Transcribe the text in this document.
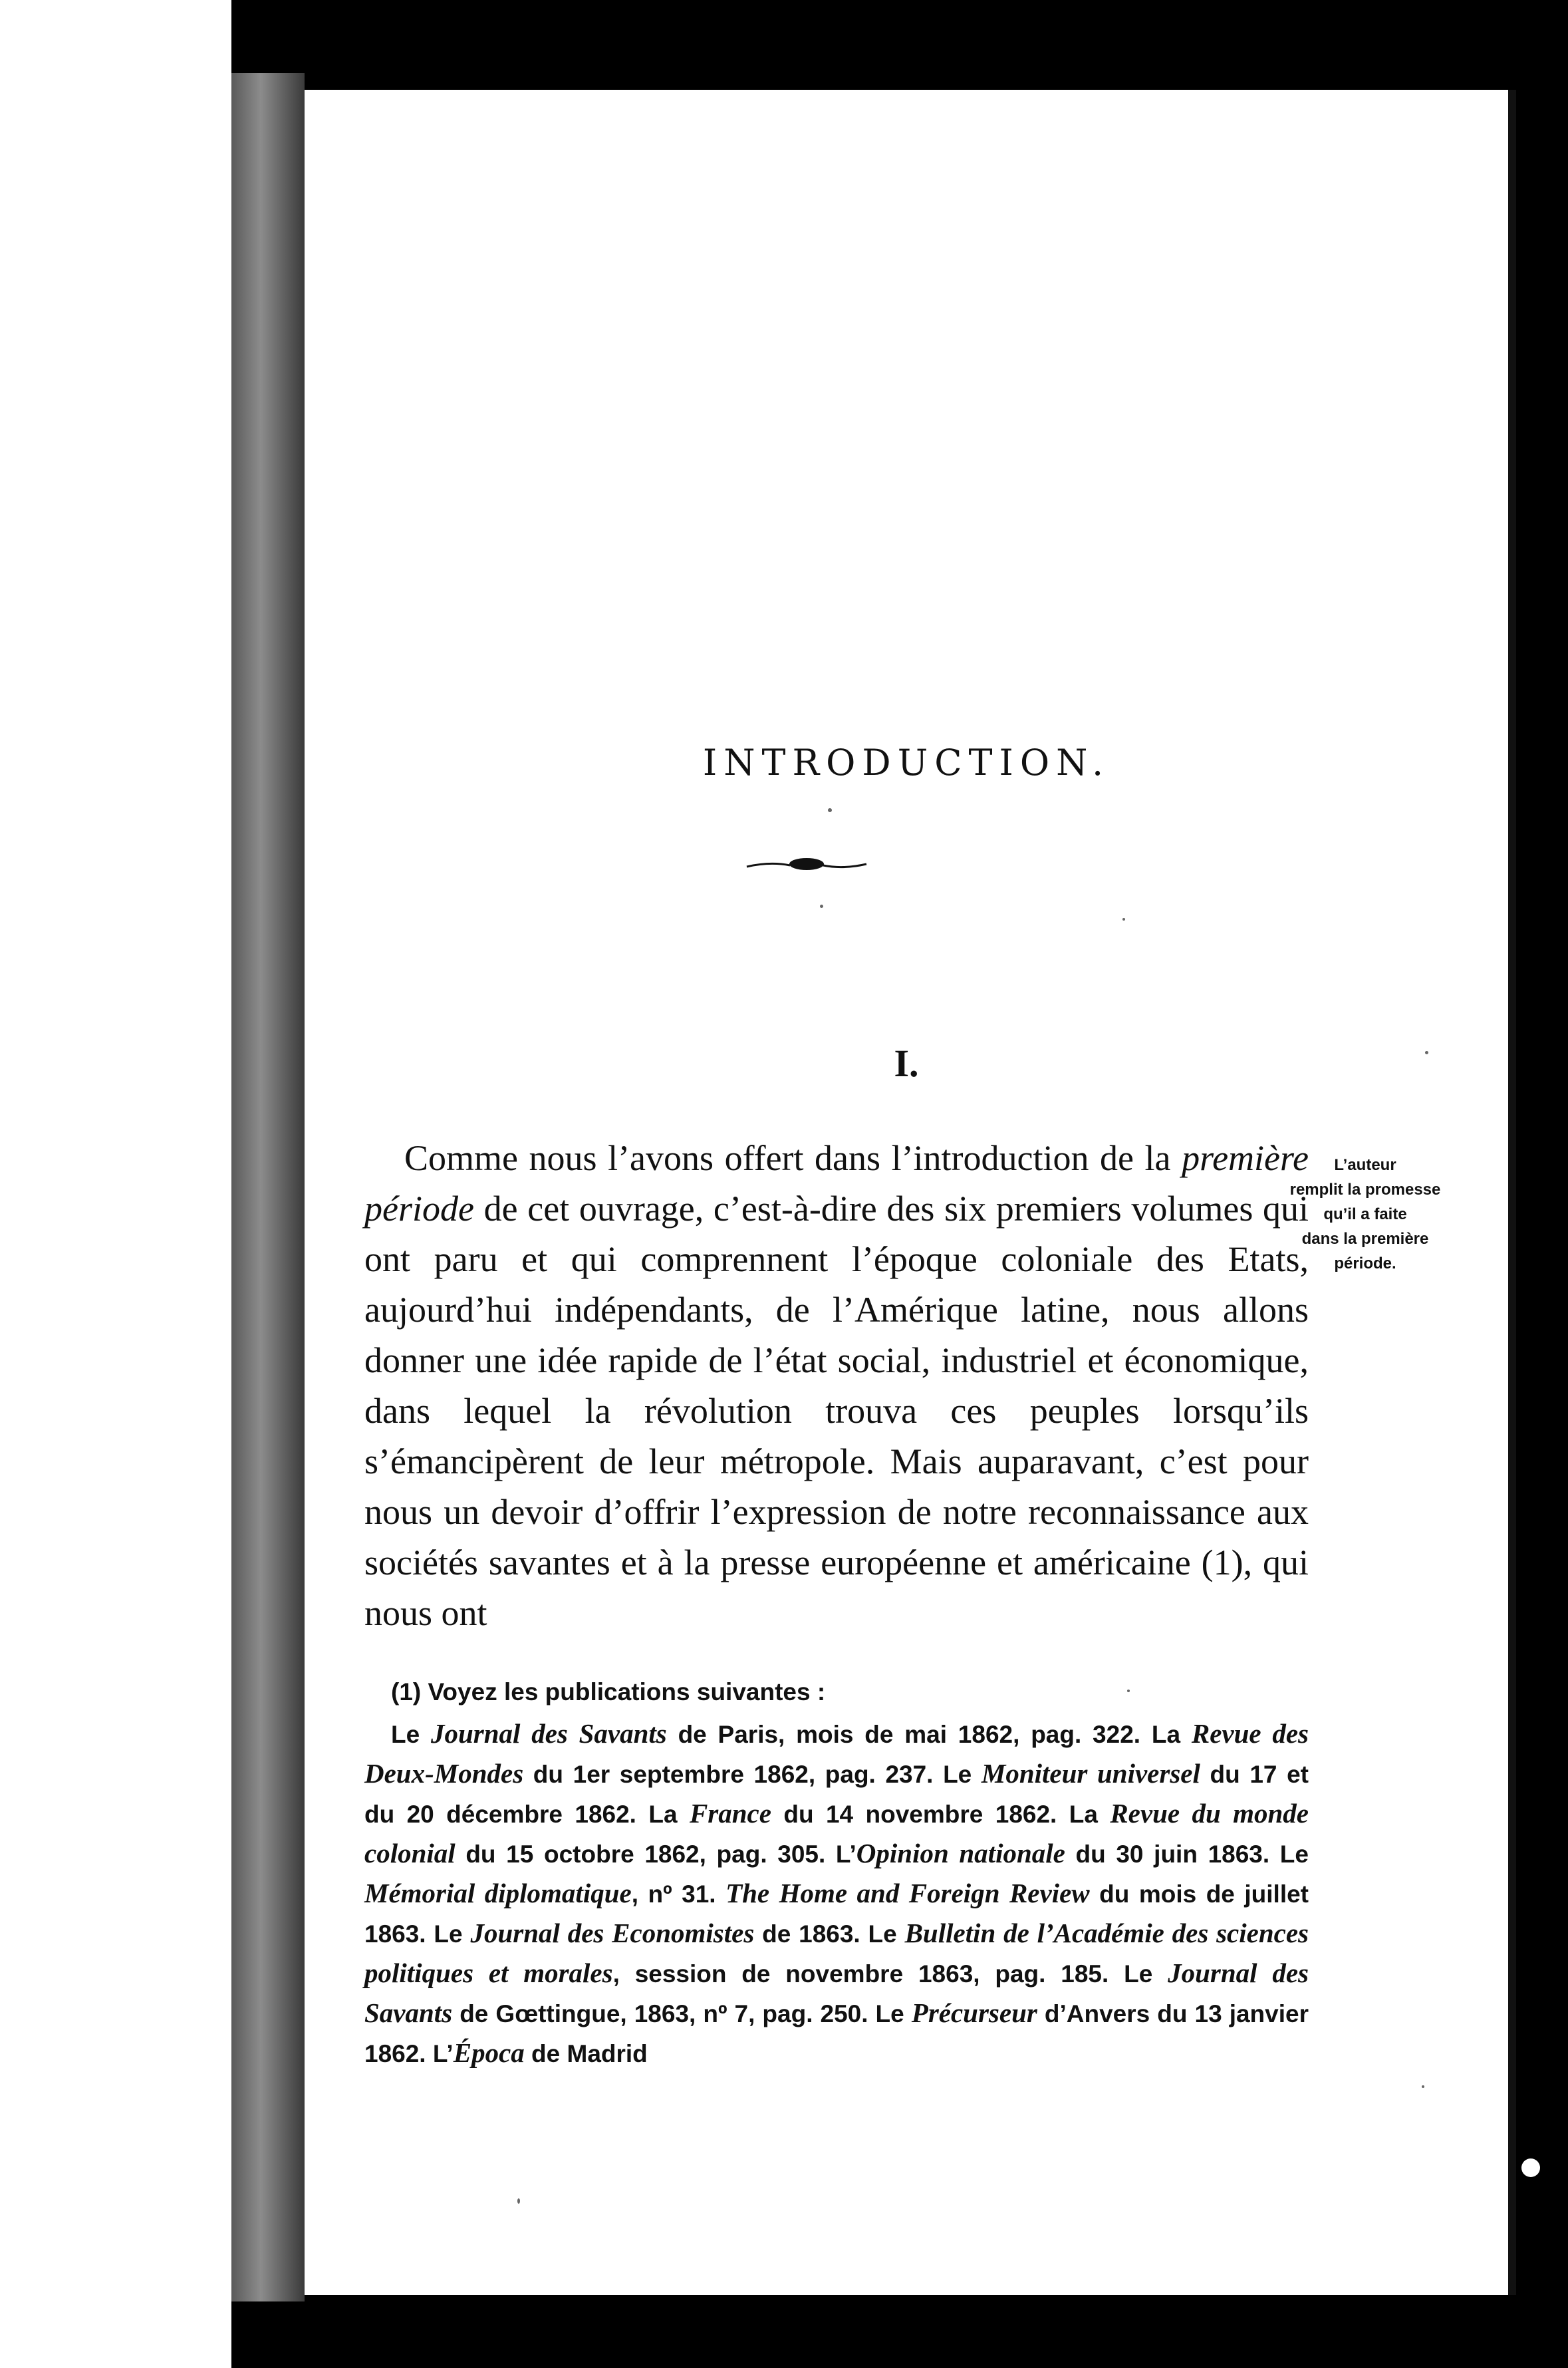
INTRODUCTION.
I.
Comme nous l’avons offert dans l’introduction de la première période de cet ouvrage, c’est-à-dire des six premiers volumes qui ont paru et qui comprennent l’époque coloniale des Etats, aujourd’hui indépendants, de l’Amérique latine, nous allons donner une idée rapide de l’état social, industriel et économique, dans lequel la révolution trouva ces peuples lorsqu’ils s’émancipèrent de leur métropole. Mais auparavant, c’est pour nous un devoir d’offrir l’expression de notre reconnaissance aux sociétés savantes et à la presse européenne et américaine (1), qui nous ont
L’auteur
remplit la promesse
qu’il a faite
dans la première
période.
(1) Voyez les publications suivantes :
Le Journal des Savants de Paris, mois de mai 1862, pag. 322. La Revue des Deux-Mondes du 1er septembre 1862, pag. 237. Le Moniteur universel du 17 et du 20 décembre 1862. La France du 14 novembre 1862. La Revue du monde colonial du 15 octobre 1862, pag. 305. L’Opinion nationale du 30 juin 1863. Le Mémorial diplomatique, nº 31. The Home and Foreign Review du mois de juillet 1863. Le Journal des Economistes de 1863. Le Bulletin de l’Académie des sciences politiques et morales, session de novembre 1863, pag. 185. Le Journal des Savants de Gœttingue, 1863, nº 7, pag. 250. Le Précurseur d’Anvers du 13 janvier 1862. L’Época de Madrid
